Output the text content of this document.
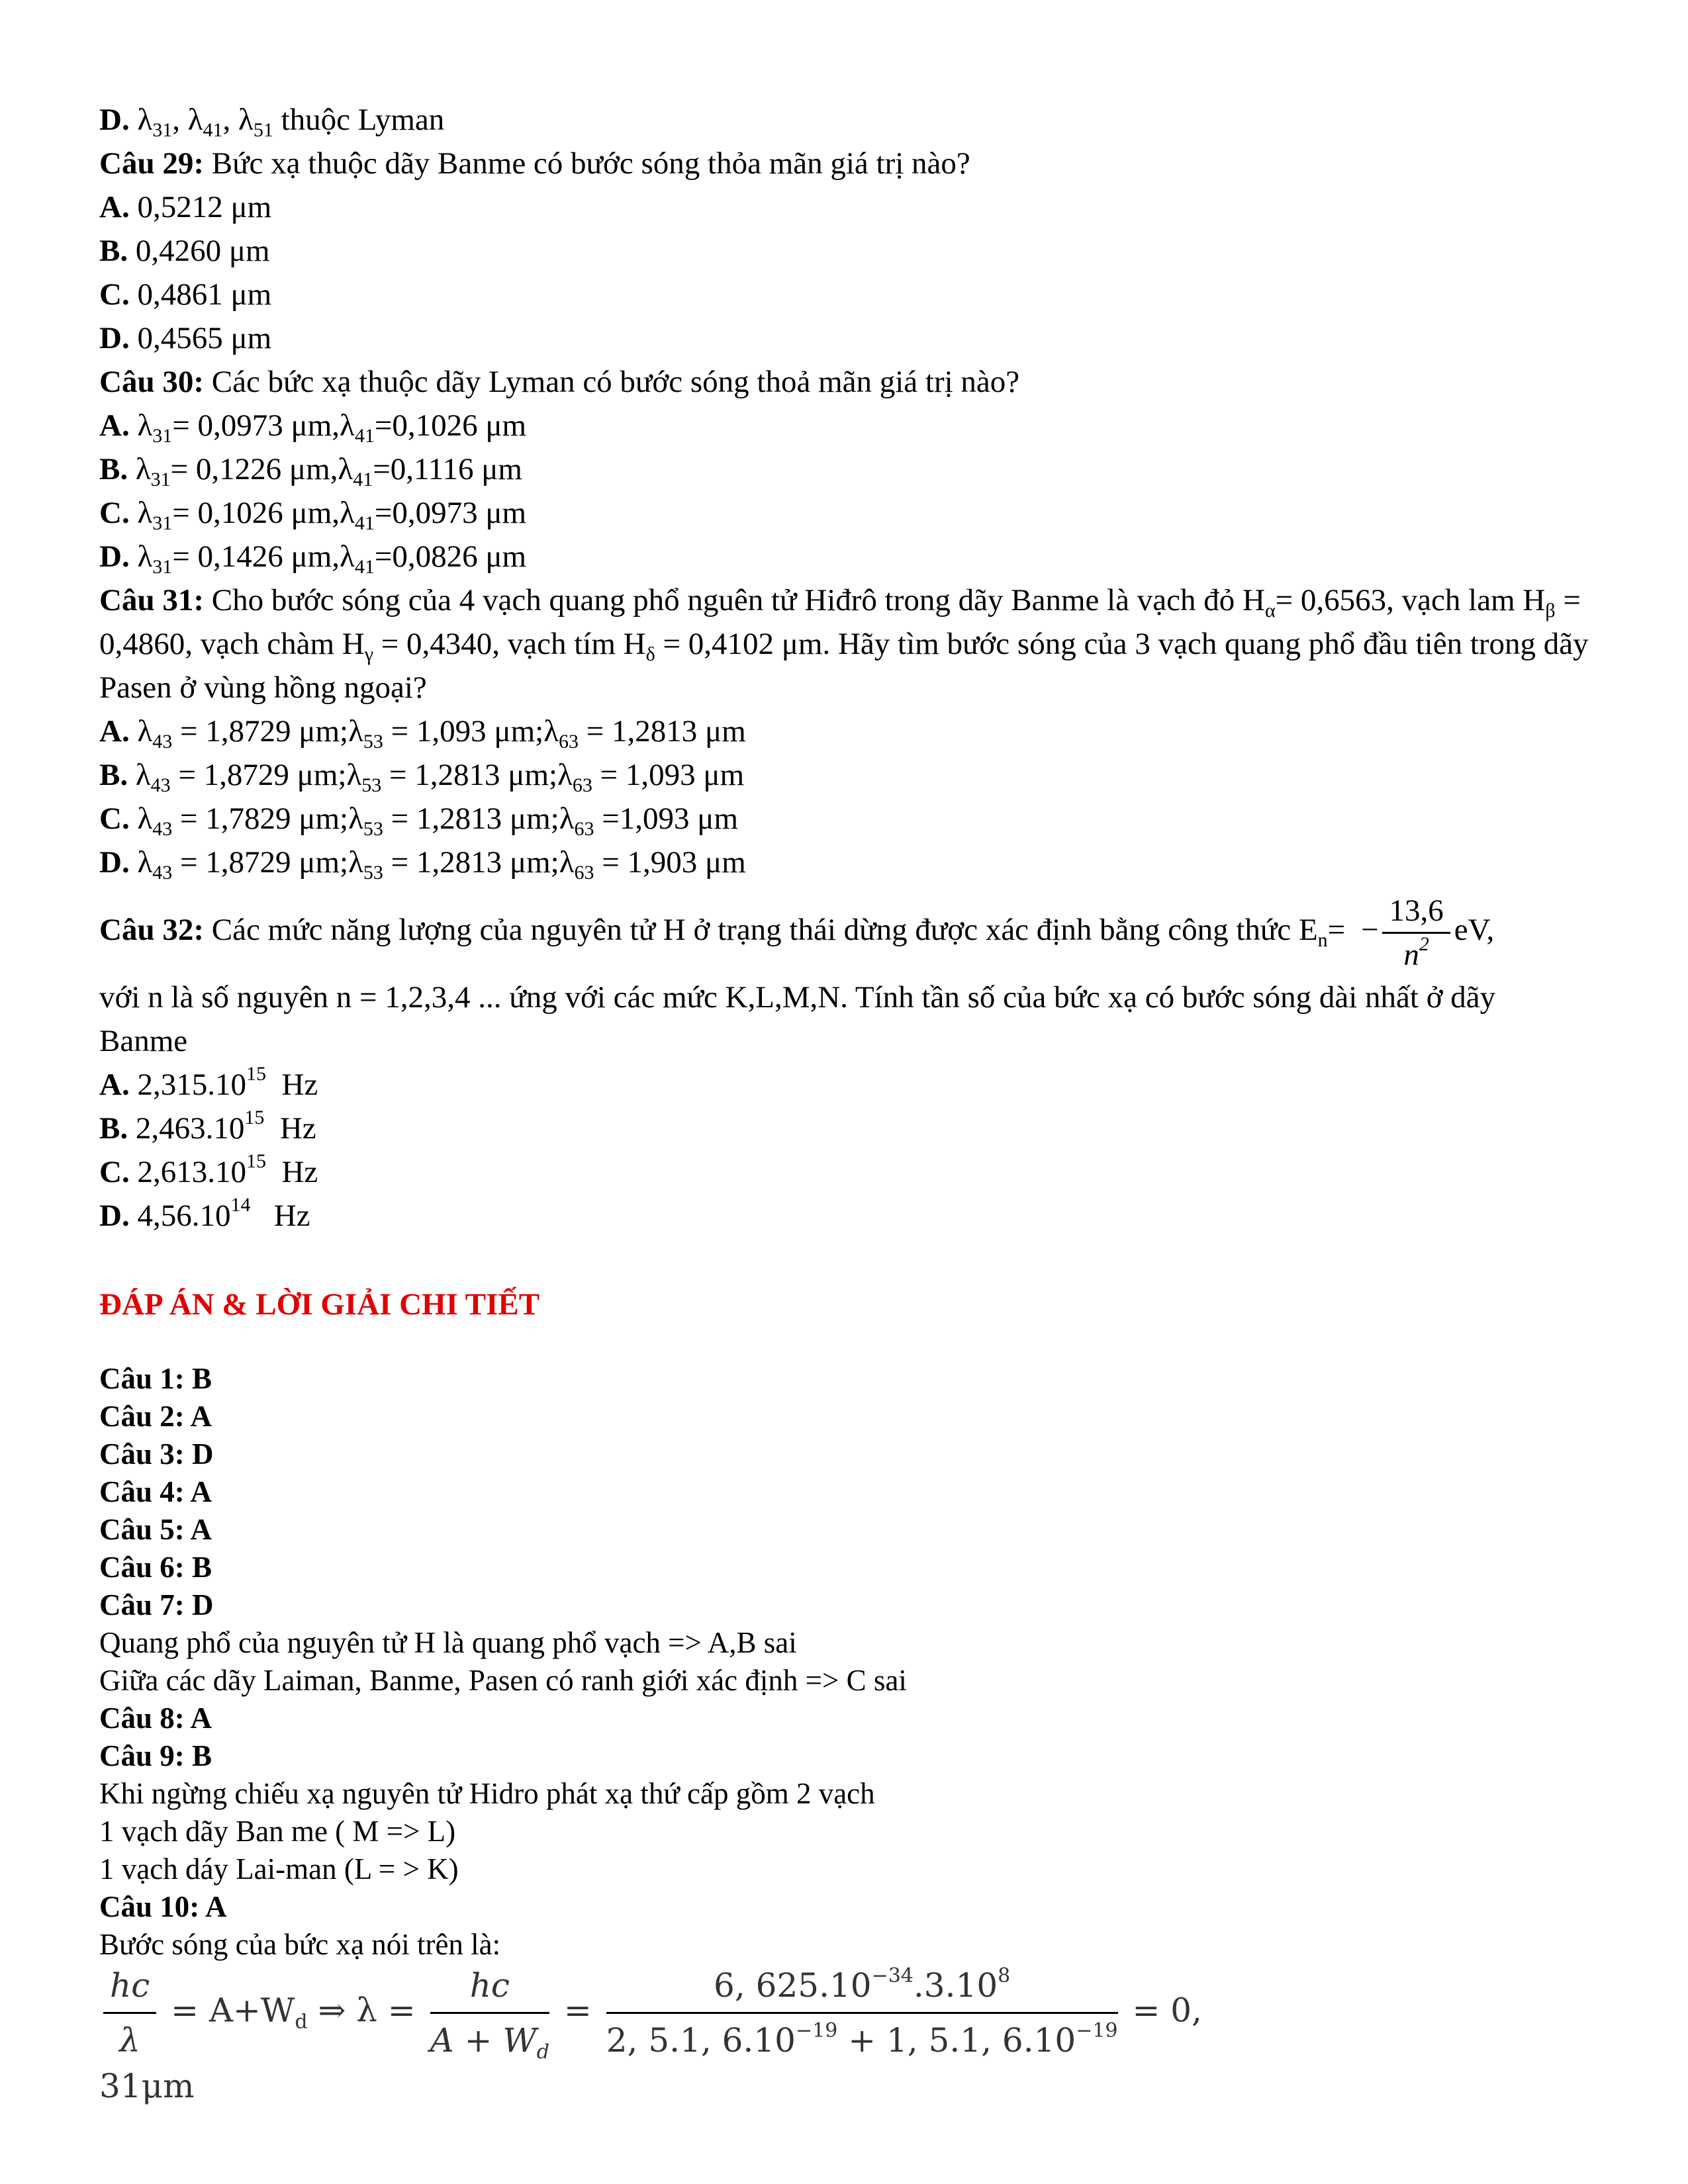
D. $\lambda_{31}$, $\lambda_{41}$, $\lambda_{51}$ thuộc Lyman
Câu 29: Bức xạ thuộc dãy Banme có bước sóng thỏa mãn giá trị nào?
A. 0,5212 μm
B. 0,4260 μm
C. 0,4861 μm
D. 0,4565 μm
Câu 30: Các bức xạ thuộc dãy Lyman có bước sóng thoả mãn giá trị nào?
A. $\lambda_{31}= 0,0973$ $\mu m,\lambda_{41}=0,1026$ μm
B. $\lambda_{31}= 0,1226$ $\mu m,\lambda_{41}=0,1116$ μm
C. $\lambda_{31}= 0,1026$ $\mu m,\lambda_{41}=0,0973$ μm
D. $\lambda_{31}= 0,1426$ $\mu m,\lambda_{41}=0,0826$ μm
Câu 31: Cho bước sóng của 4 vạch quang phổ nguên tử Hiđrô trong dãy Banme là vạch đỏ $H_\alpha= 0,6563$, vạch lam $H_\beta = 0,4860$, vạch chàm $H_\gamma = 0,4340$, vạch tím $H_\delta = 0,4102$ μm. Hãy tìm bước sóng của 3 vạch quang phổ đầu tiên trong dãy Pasen ở vùng hồng ngoại?
A. $\lambda_{43} = 1,8729$ $\mu m;\lambda_{53} = 1,093$ $\mu m;\lambda_{63} = 1,2813$ μm
B. $\lambda_{43} = 1,8729$ $\mu m;\lambda_{53} = 1,2813$ $\mu m;\lambda_{63} = 1,093$ μm
C. $\lambda_{43} = 1,7829$ $\mu m;\lambda_{53} = 1,2813$ $\mu m;\lambda_{63} =1,093$ μm
D. $\lambda_{43} = 1,8729$ $\mu m;\lambda_{53} = 1,2813$ $\mu m;\lambda_{63} = 1,903$ μm
Câu 32: Các mức năng lượng của nguyên tử H ở trạng thái dừng được xác định bằng công thức $E_n= - \frac{13,6}{n^2}$ eV,
với n là số nguyên n = 1,2,3,4 ... ứng với các mức K,L,M,N. Tính tần số của bức xạ có bước sóng dài nhất ở dãy Banme
A. 2,315.10$^{15}$ Hz
B. 2,463.10$^{15}$ Hz
C. 2,613.10$^{15}$ Hz
D. 4,56.10$^{14}$ Hz
ĐÁP ÁN & LỜI GIẢI CHI TIẾT
Câu 1: B
Câu 2: A
Câu 3: D
Câu 4: A
Câu 5: A
Câu 6: B
Câu 7: D
Quang phổ của nguyên tử H là quang phổ vạch => A,B sai
Giữa các dãy Laiman, Banme, Pasen có ranh giới xác định => C sai
Câu 8: A
Câu 9: B
Khi ngừng chiếu xạ nguyên tử Hidro phát xạ thứ cấp gồm 2 vạch
1 vạch dãy Ban me ( M => L)
1 vạch dáy Lai-man (L = > K)
Câu 10: A
Bước sóng của bức xạ nói trên là:
$\frac{hc}{\lambda} = A+W_d$ ⇒ $\lambda = \frac{hc}{A + W_d} = \frac{6, 625.10^{-34}.3.10^8}{2, 5.1, 6.10^{-19} + 1, 5.1, 6.10^{-19}} = 0$, 31μm
